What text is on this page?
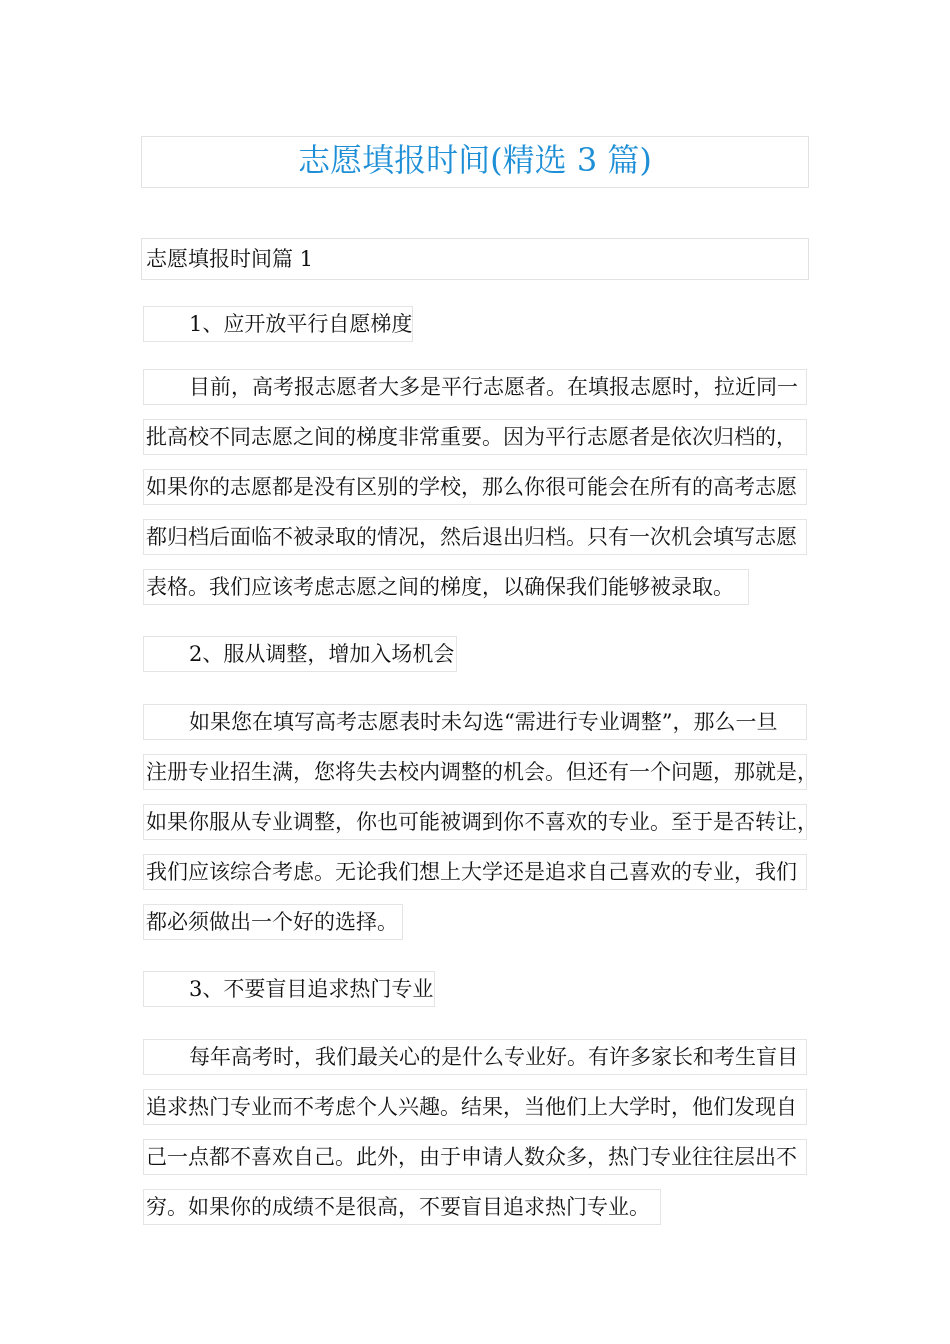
志愿填报时间(精选 3 篇)
志愿填报时间篇 1
1、应开放平行自愿梯度
目前，高考报志愿者大多是平行志愿者。在填报志愿时，拉近同一
批高校不同志愿之间的梯度非常重要。因为平行志愿者是依次归档的，
如果你的志愿都是没有区别的学校，那么你很可能会在所有的高考志愿
都归档后面临不被录取的情况，然后退出归档。只有一次机会填写志愿
表格。我们应该考虑志愿之间的梯度，以确保我们能够被录取。
2、服从调整，增加入场机会
如果您在填写高考志愿表时未勾选“需进行专业调整”，那么一旦
注册专业招生满，您将失去校内调整的机会。但还有一个问题，那就是，
如果你服从专业调整，你也可能被调到你不喜欢的专业。至于是否转让，
我们应该综合考虑。无论我们想上大学还是追求自己喜欢的专业，我们
都必须做出一个好的选择。
3、不要盲目追求热门专业
每年高考时，我们最关心的是什么专业好。有许多家长和考生盲目
追求热门专业而不考虑个人兴趣。结果，当他们上大学时，他们发现自
己一点都不喜欢自己。此外，由于申请人数众多，热门专业往往层出不
穷。如果你的成绩不是很高，不要盲目追求热门专业。
